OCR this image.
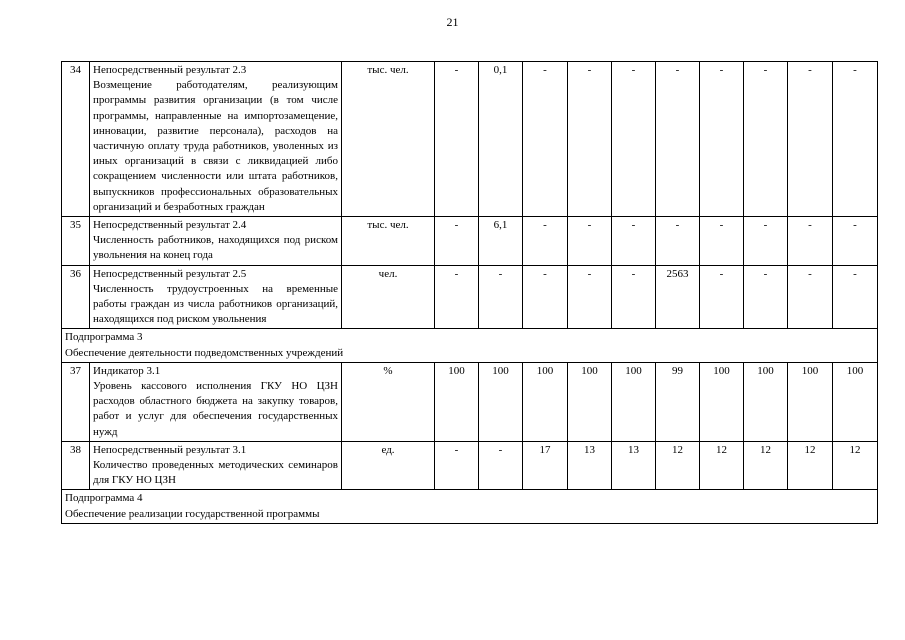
21
34	Непосредственный результат 2.3
Возмещение работодателям, реализующим программы развития организации (в том числе программы, направленные на импортозамещение, инновации, развитие персонала), расходов на частичную оплату труда работников, уволенных из иных организаций в связи с ликвидацией либо сокращением численности или штата работников, выпускников профессиональных образовательных организаций и безработных граждан	тыс. чел.	-	0,1	-	-	-	-	-	-	-	-
35	Непосредственный результат 2.4
Численность работников, находящихся под риском увольнения на конец года	тыс. чел.	-	6,1	-	-	-	-	-	-	-	-
36	Непосредственный результат 2.5
Численность трудоустроенных на временные работы граждан из числа работников организаций, находящихся под риском увольнения	чел.	-	-	-	-	-	2563	-	-	-	-

Подпрограмма 3
Обеспечение деятельности подведомственных учреждений												

37	Индикатор 3.1
Уровень кассового исполнения ГКУ НО ЦЗН расходов областного бюджета на закупку товаров, работ и услуг для обеспечения государственных нужд	%	100	100	100	100	100	99	100	100	100	100
38	Непосредственный результат 3.1
Количество проведенных методических семинаров для ГКУ НО ЦЗН	ед.	-	-	17	13	13	12	12	12	12	12

Подпрограмма 4
Обеспечение реализации государственной программы												
